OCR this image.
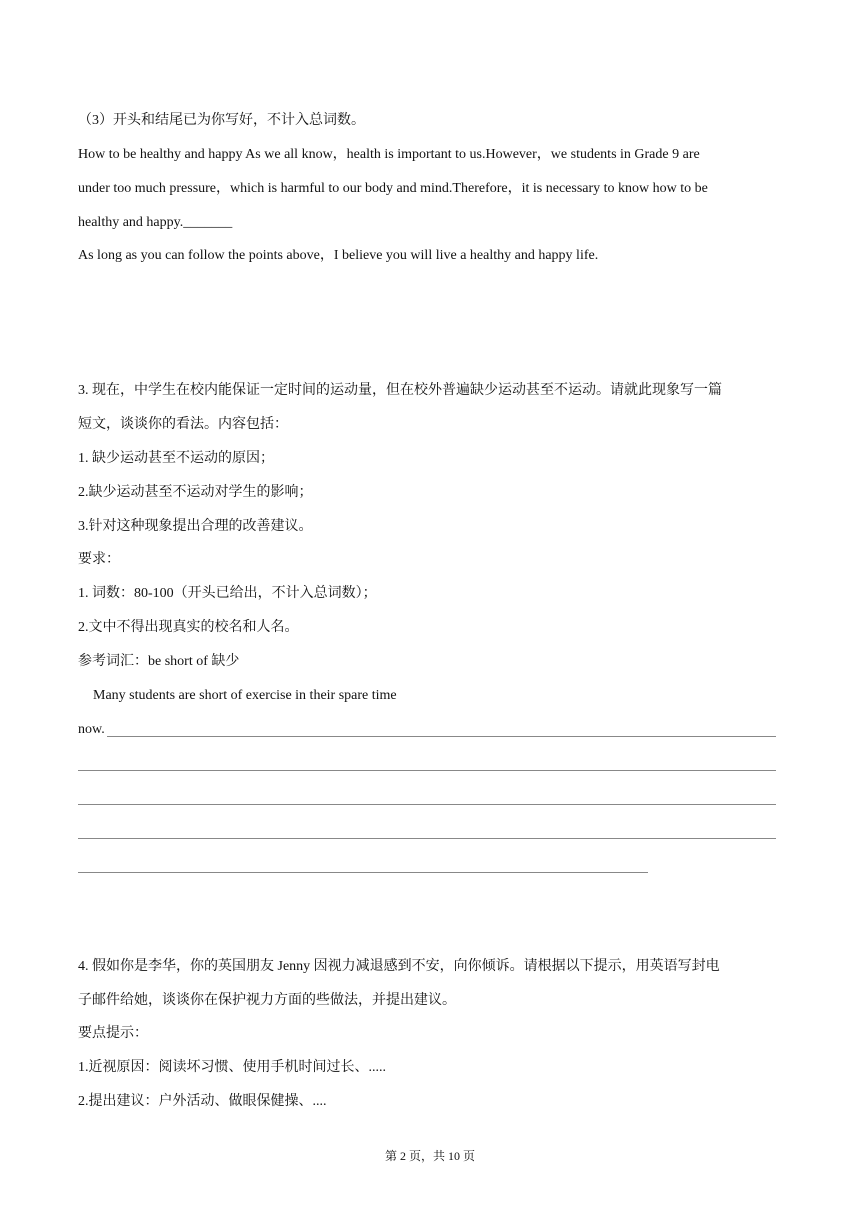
（3）开头和结尾已为你写好，不计入总词数。
How to be healthy and happy As we all know，health is important to us.However，we students in Grade 9 are
under too much pressure，which is harmful to our body and mind.Therefore，it is necessary to know how to be
healthy and happy._______
As long as you can follow the points above，I believe you will live a healthy and happy life.
3. 现在，中学生在校内能保证一定时间的运动量，但在校外普遍缺少运动甚至不运动。请就此现象写一篇
短文，谈谈你的看法。内容包括：
1. 缺少运动甚至不运动的原因；
2.缺少运动甚至不运动对学生的影响；
3.针对这种现象提出合理的改善建议。
要求：
1. 词数：80-100（开头已给出，不计入总词数）；
2.文中不得出现真实的校名和人名。
参考词汇：be short of 缺少
Many students are short of exercise in their spare time
now.
4. 假如你是李华，你的英国朋友 Jenny 因视力减退感到不安，向你倾诉。请根据以下提示，用英语写封电
子邮件给她，谈谈你在保护视力方面的些做法，并提出建议。
要点提示：
1.近视原因：阅读坏习惯、使用手机时间过长、.....
2.提出建议：户外活动、做眼保健操、....
第 2 页，共 10 页
